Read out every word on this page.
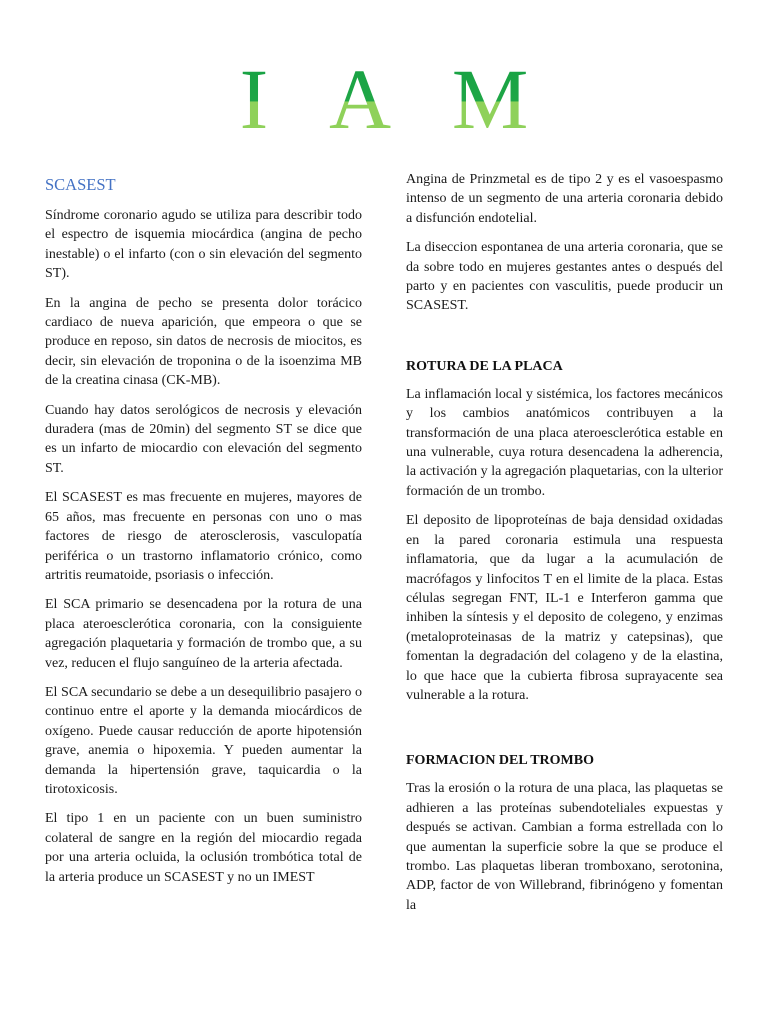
I A M
SCASEST

Síndrome coronario agudo se utiliza para describir todo el espectro de isquemia miocárdica (angina de pecho inestable) o el infarto (con o sin elevación del segmento ST).

En la angina de pecho se presenta dolor torácico cardiaco de nueva aparición, que empeora o que se produce en reposo, sin datos de necrosis de miocitos, es decir, sin elevación de troponina o de la isoenzima MB de la creatina cinasa (CK-MB).

Cuando hay datos serológicos de necrosis y elevación duradera (mas de 20min) del segmento ST se dice que es un infarto de miocardio con elevación del segmento ST.

El SCASEST es mas frecuente en mujeres, mayores de 65 años, mas frecuente en personas con uno o mas factores de riesgo de aterosclerosis, vasculopatía periférica o un trastorno inflamatorio crónico, como artritis reumatoide, psoriasis o infección.

El SCA primario se desencadena por la rotura de una placa ateroesclerótica coronaria, con la consiguiente agregación plaquetaria y formación de trombo que, a su vez, reducen el flujo sanguíneo de la arteria afectada.

El SCA secundario se debe a un desequilibrio pasajero o continuo entre el aporte y la demanda miocárdicos de oxígeno. Puede causar reducción de aporte hipotensión grave, anemia o hipoxemia. Y pueden aumentar la demanda la hipertensión grave, taquicardia o la tirotoxicosis.

El tipo 1 en un paciente con un buen suministro colateral de sangre en la región del miocardio regada por una arteria ocluida, la oclusión trombótica total de la arteria produce un SCASEST y no un IMEST

Angina de Prinzmetal es de tipo 2 y es el vasoespasmo intenso de un segmento de una arteria coronaria debido a disfunción endotelial.

La diseccion espontanea de una arteria coronaria, que se da sobre todo en mujeres gestantes antes o después del parto y en pacientes con vasculitis, puede producir un SCASEST.

ROTURA DE LA PLACA

La inflamación local y sistémica, los factores mecánicos y los cambios anatómicos contribuyen a la transformación de una placa ateroesclerótica estable en una vulnerable, cuya rotura desencadena la adherencia, la activación y la agregación plaquetarias, con la ulterior formación de un trombo.

El deposito de lipoproteínas de baja densidad oxidadas en la pared coronaria estimula una respuesta inflamatoria, que da lugar a la acumulación de macrófagos y linfocitos T en el limite de la placa. Estas células segregan FNT, IL-1 e Interferon gamma que inhiben la síntesis y el deposito de colegeno, y enzimas (metaloproteinasas de la matriz y catepsinas), que fomentan la degradación del colageno y de la elastina, lo que hace que la cubierta fibrosa suprayacente sea vulnerable a la rotura.

FORMACION DEL TROMBO

Tras la erosión o la rotura de una placa, las plaquetas se adhieren a las proteínas subendoteliales expuestas y después se activan. Cambian a forma estrellada con lo que aumentan la superficie sobre la que se produce el trombo. Las plaquetas liberan tromboxano, serotonina, ADP, factor de von Willebrand, fibrinógeno y fomentan la
